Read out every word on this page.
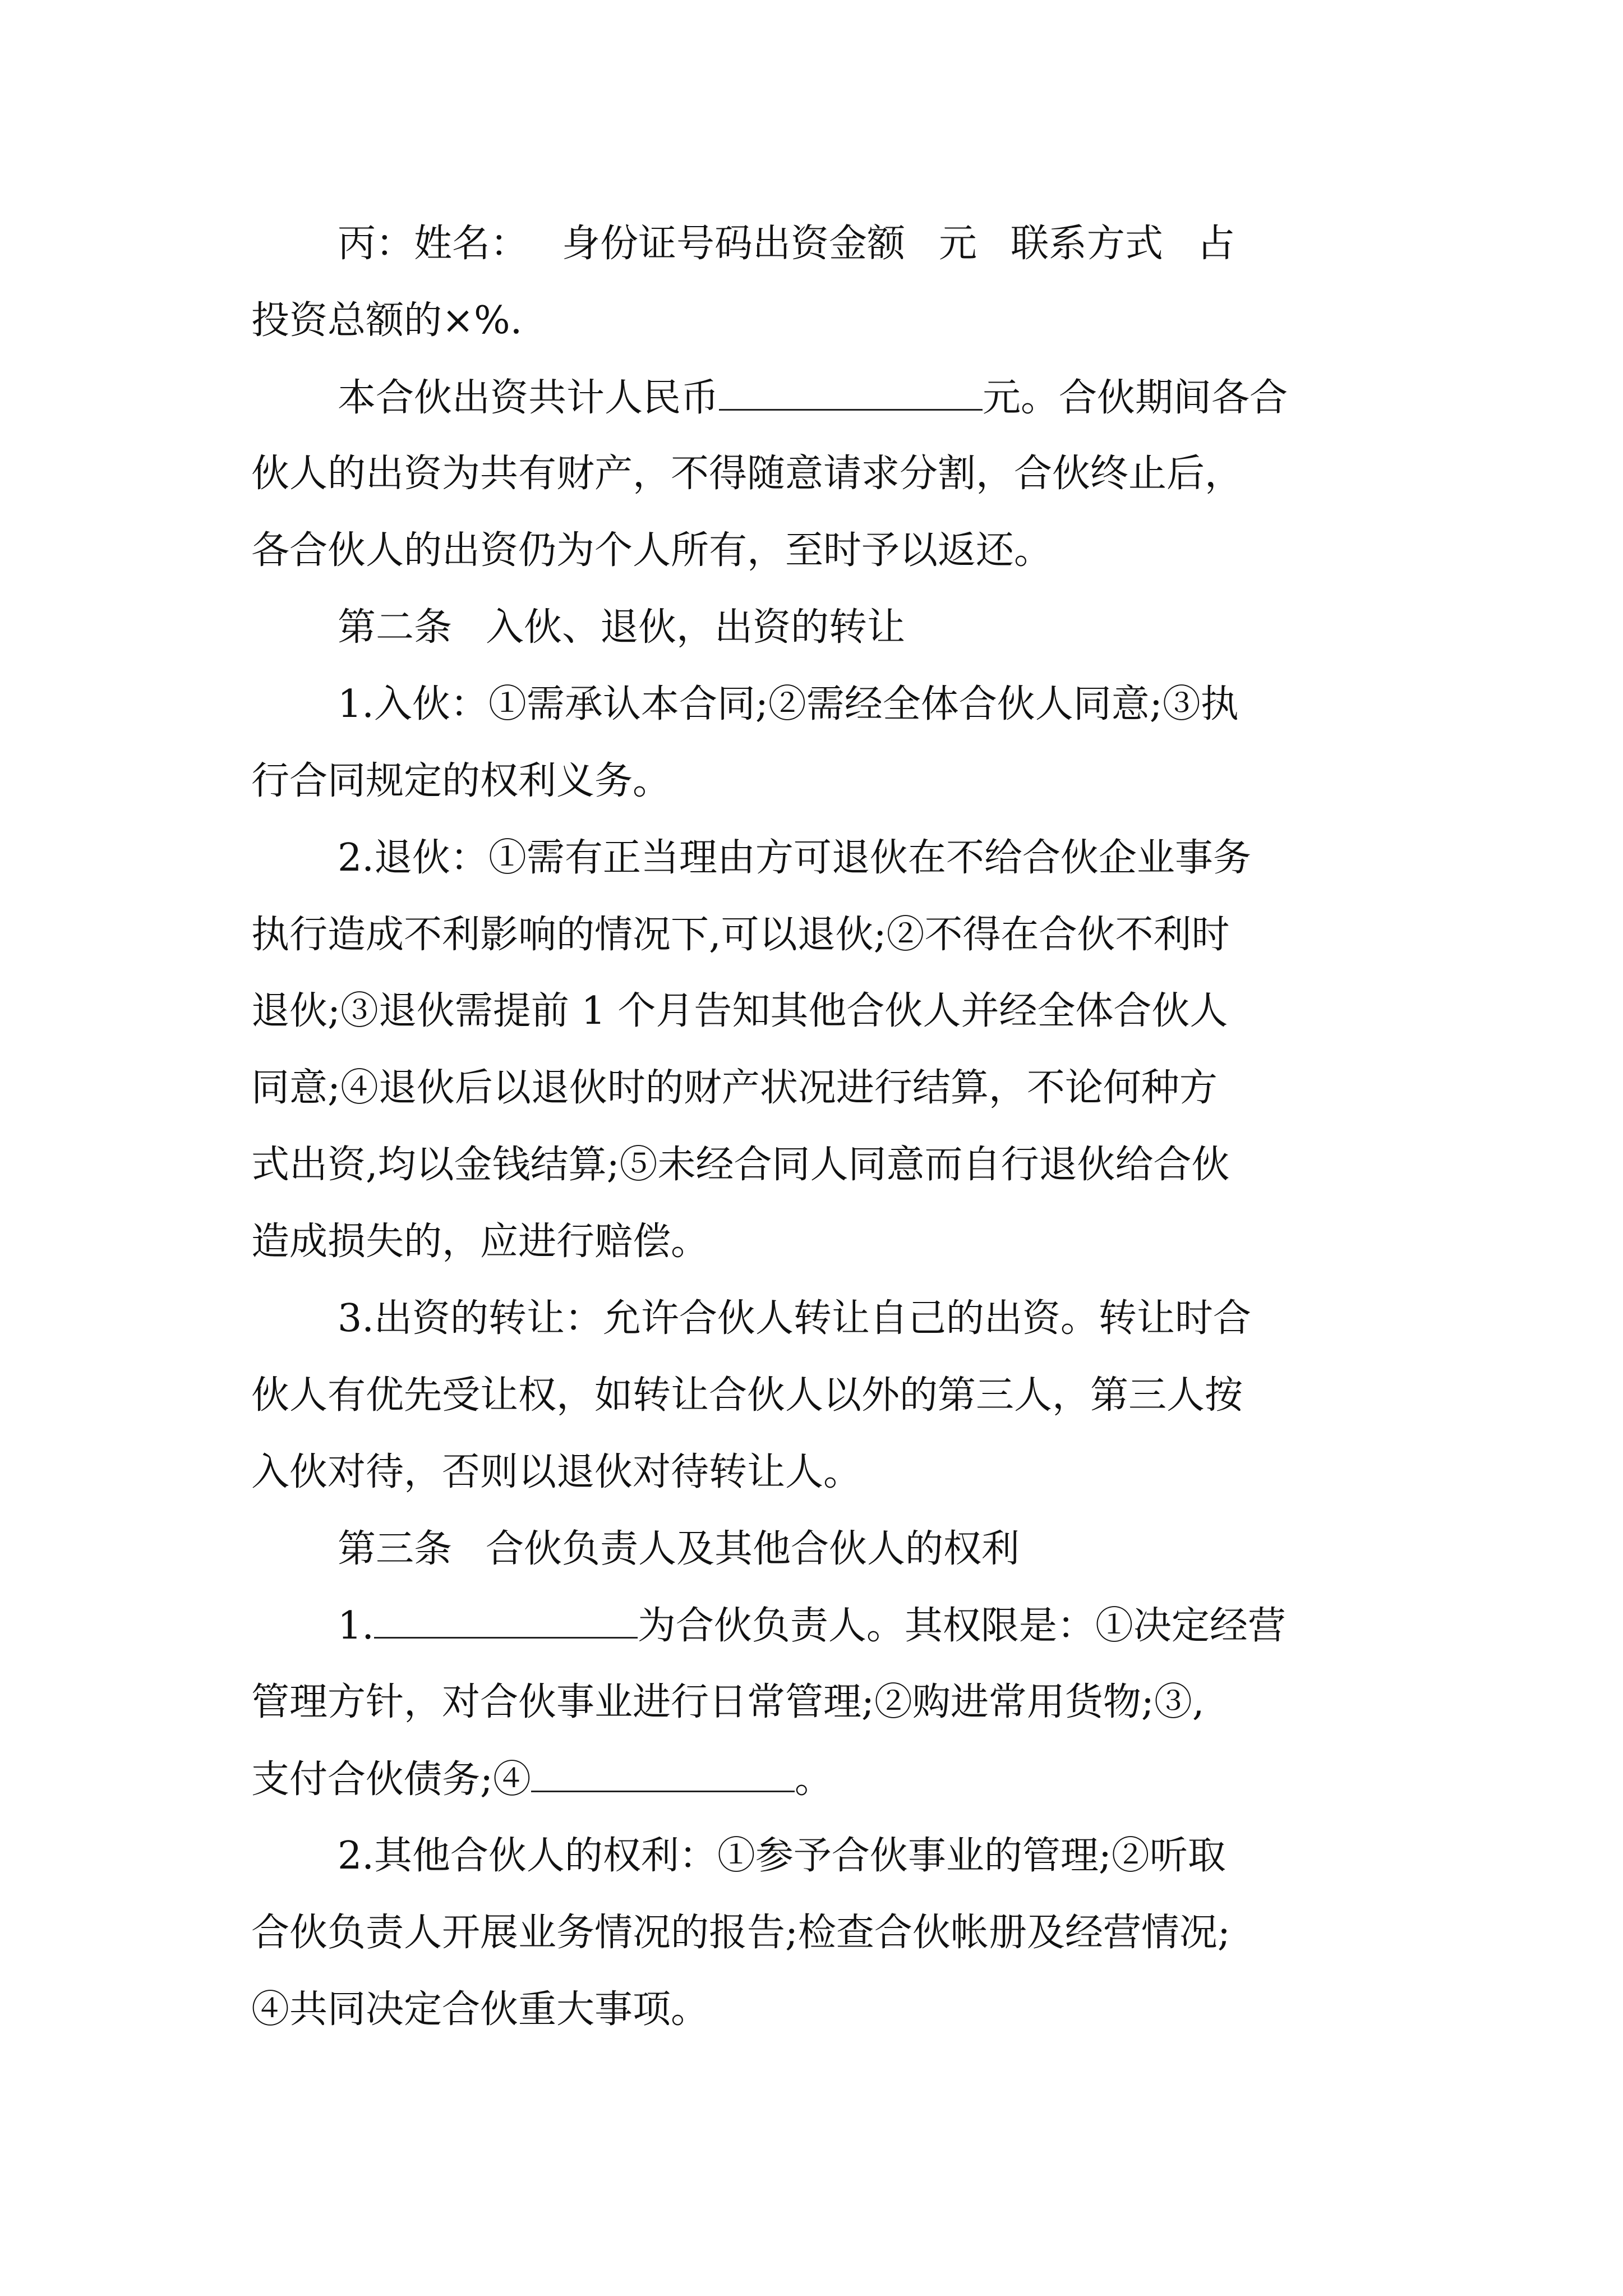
丙：姓名： 身份证号码出资金额 元 联系方式 占

投资总额的×%.

本合伙出资共计人民币	元。合伙期间各合

伙人的出资为共有财产，不得随意请求分割，合伙终止后，

各合伙人的出资仍为个人所有，至时予以返还。

第二条 入伙、退伙，出资的转让

1.入伙：①需承认本合同;②需经全体合伙人同意;③执

行合同规定的权利义务。

2.退伙：①需有正当理由方可退伙在不给合伙企业事务

执行造成不利影响的情况下,可以退伙;②不得在合伙不利时

退伙;③退伙需提前 1 个月告知其他合伙人并经全体合伙人

同意;④退伙后以退伙时的财产状况进行结算，不论何种方

式出资,均以金钱结算;⑤未经合同人同意而自行退伙给合伙

造成损失的，应进行赔偿。

3.出资的转让：允许合伙人转让自己的出资。转让时合

伙人有优先受让权，如转让合伙人以外的第三人，第三人按

入伙对待，否则以退伙对待转让人。

第三条 合伙负责人及其他合伙人的权利

1.	为合伙负责人。其权限是：①决定经营

管理方针，对合伙事业进行日常管理;②购进常用货物;③,

支付合伙债务;④	。

2.其他合伙人的权利：①参予合伙事业的管理;②听取

合伙负责人开展业务情况的报告;检查合伙帐册及经营情况;

④共同决定合伙重大事项。
